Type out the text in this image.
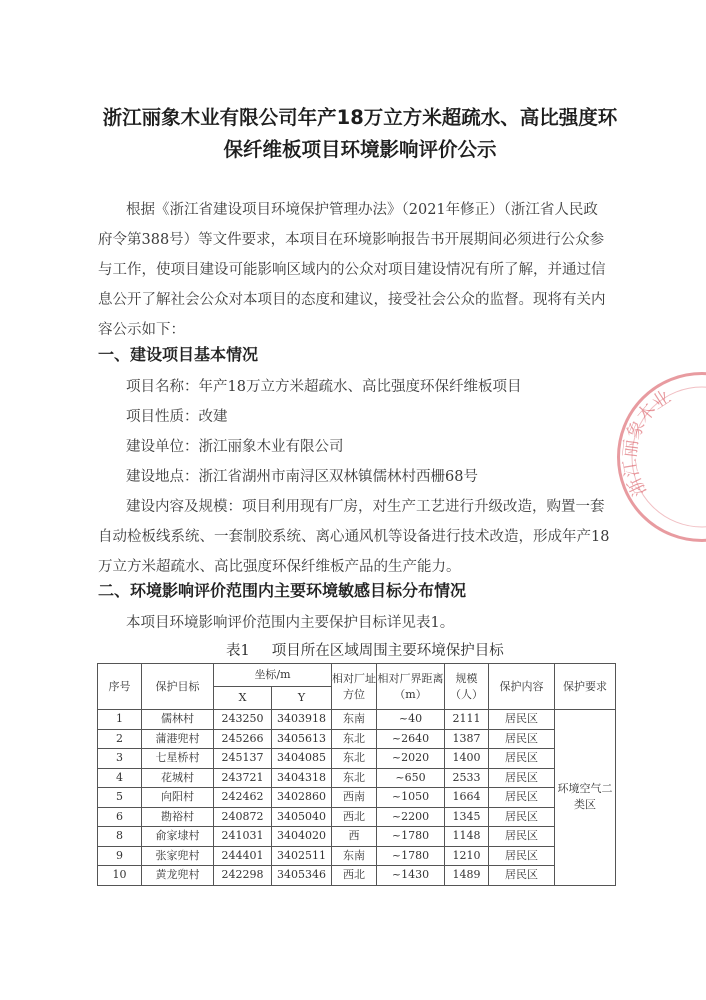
浙江丽象木业有限公司年产18万立方米超疏水、高比强度环
保纤维板项目环境影响评价公示

根据《浙江省建设项目环境保护管理办法》（2021年修正）（浙江省人民政
府令第388号）等文件要求，本项目在环境影响报告书开展期间必须进行公众参
与工作，使项目建设可能影响区域内的公众对项目建设情况有所了解，并通过信
息公开了解社会公众对本项目的态度和建议，接受社会公众的监督。现将有关内
容公示如下：

一、建设项目基本情况

项目名称：年产18万立方米超疏水、高比强度环保纤维板项目

项目性质：改建

建设单位：浙江丽象木业有限公司

建设地点：浙江省湖州市南浔区双林镇儒林村西栅68号

建设内容及规模：项目利用现有厂房，对生产工艺进行升级改造，购置一套
自动检板线系统、一套制胶系统、离心通风机等设备进行技术改造，形成年产18
万立方米超疏水、高比强度环保纤维板产品的生产能力。

二、环境影响评价范围内主要环境敏感目标分布情况

本项目环境影响评价范围内主要保护目标详见表1。

表1 项目所在区域周围主要环境保护目标

序号	保护目标	坐标/m		相对厂址方位	相对厂界距离（m）	规模（人）	保护内容	保护要求
		X	Y					
1	儒林村	243250	3403918	东南	~40	2111	居民区	环境空气二类区
2	蒲港兜村	245266	3405613	东北	~2640	1387	居民区	
3	七星桥村	245137	3404085	东北	~2020	1400	居民区	
4	花城村	243721	3404318	东北	~650	2533	居民区	
5	向阳村	242462	3402860	西南	~1050	1664	居民区	
6	勘裕村	240872	3405040	西北	~2200	1345	居民区	
8	俞家埭村	241031	3404020	西	~1780	1148	居民区	
9	张家兜村	244401	3402511	东南	~1780	1210	居民区	
10	黄龙兜村	242298	3405346	西北	~1430	1489	居民区	
浙江丽象木业
